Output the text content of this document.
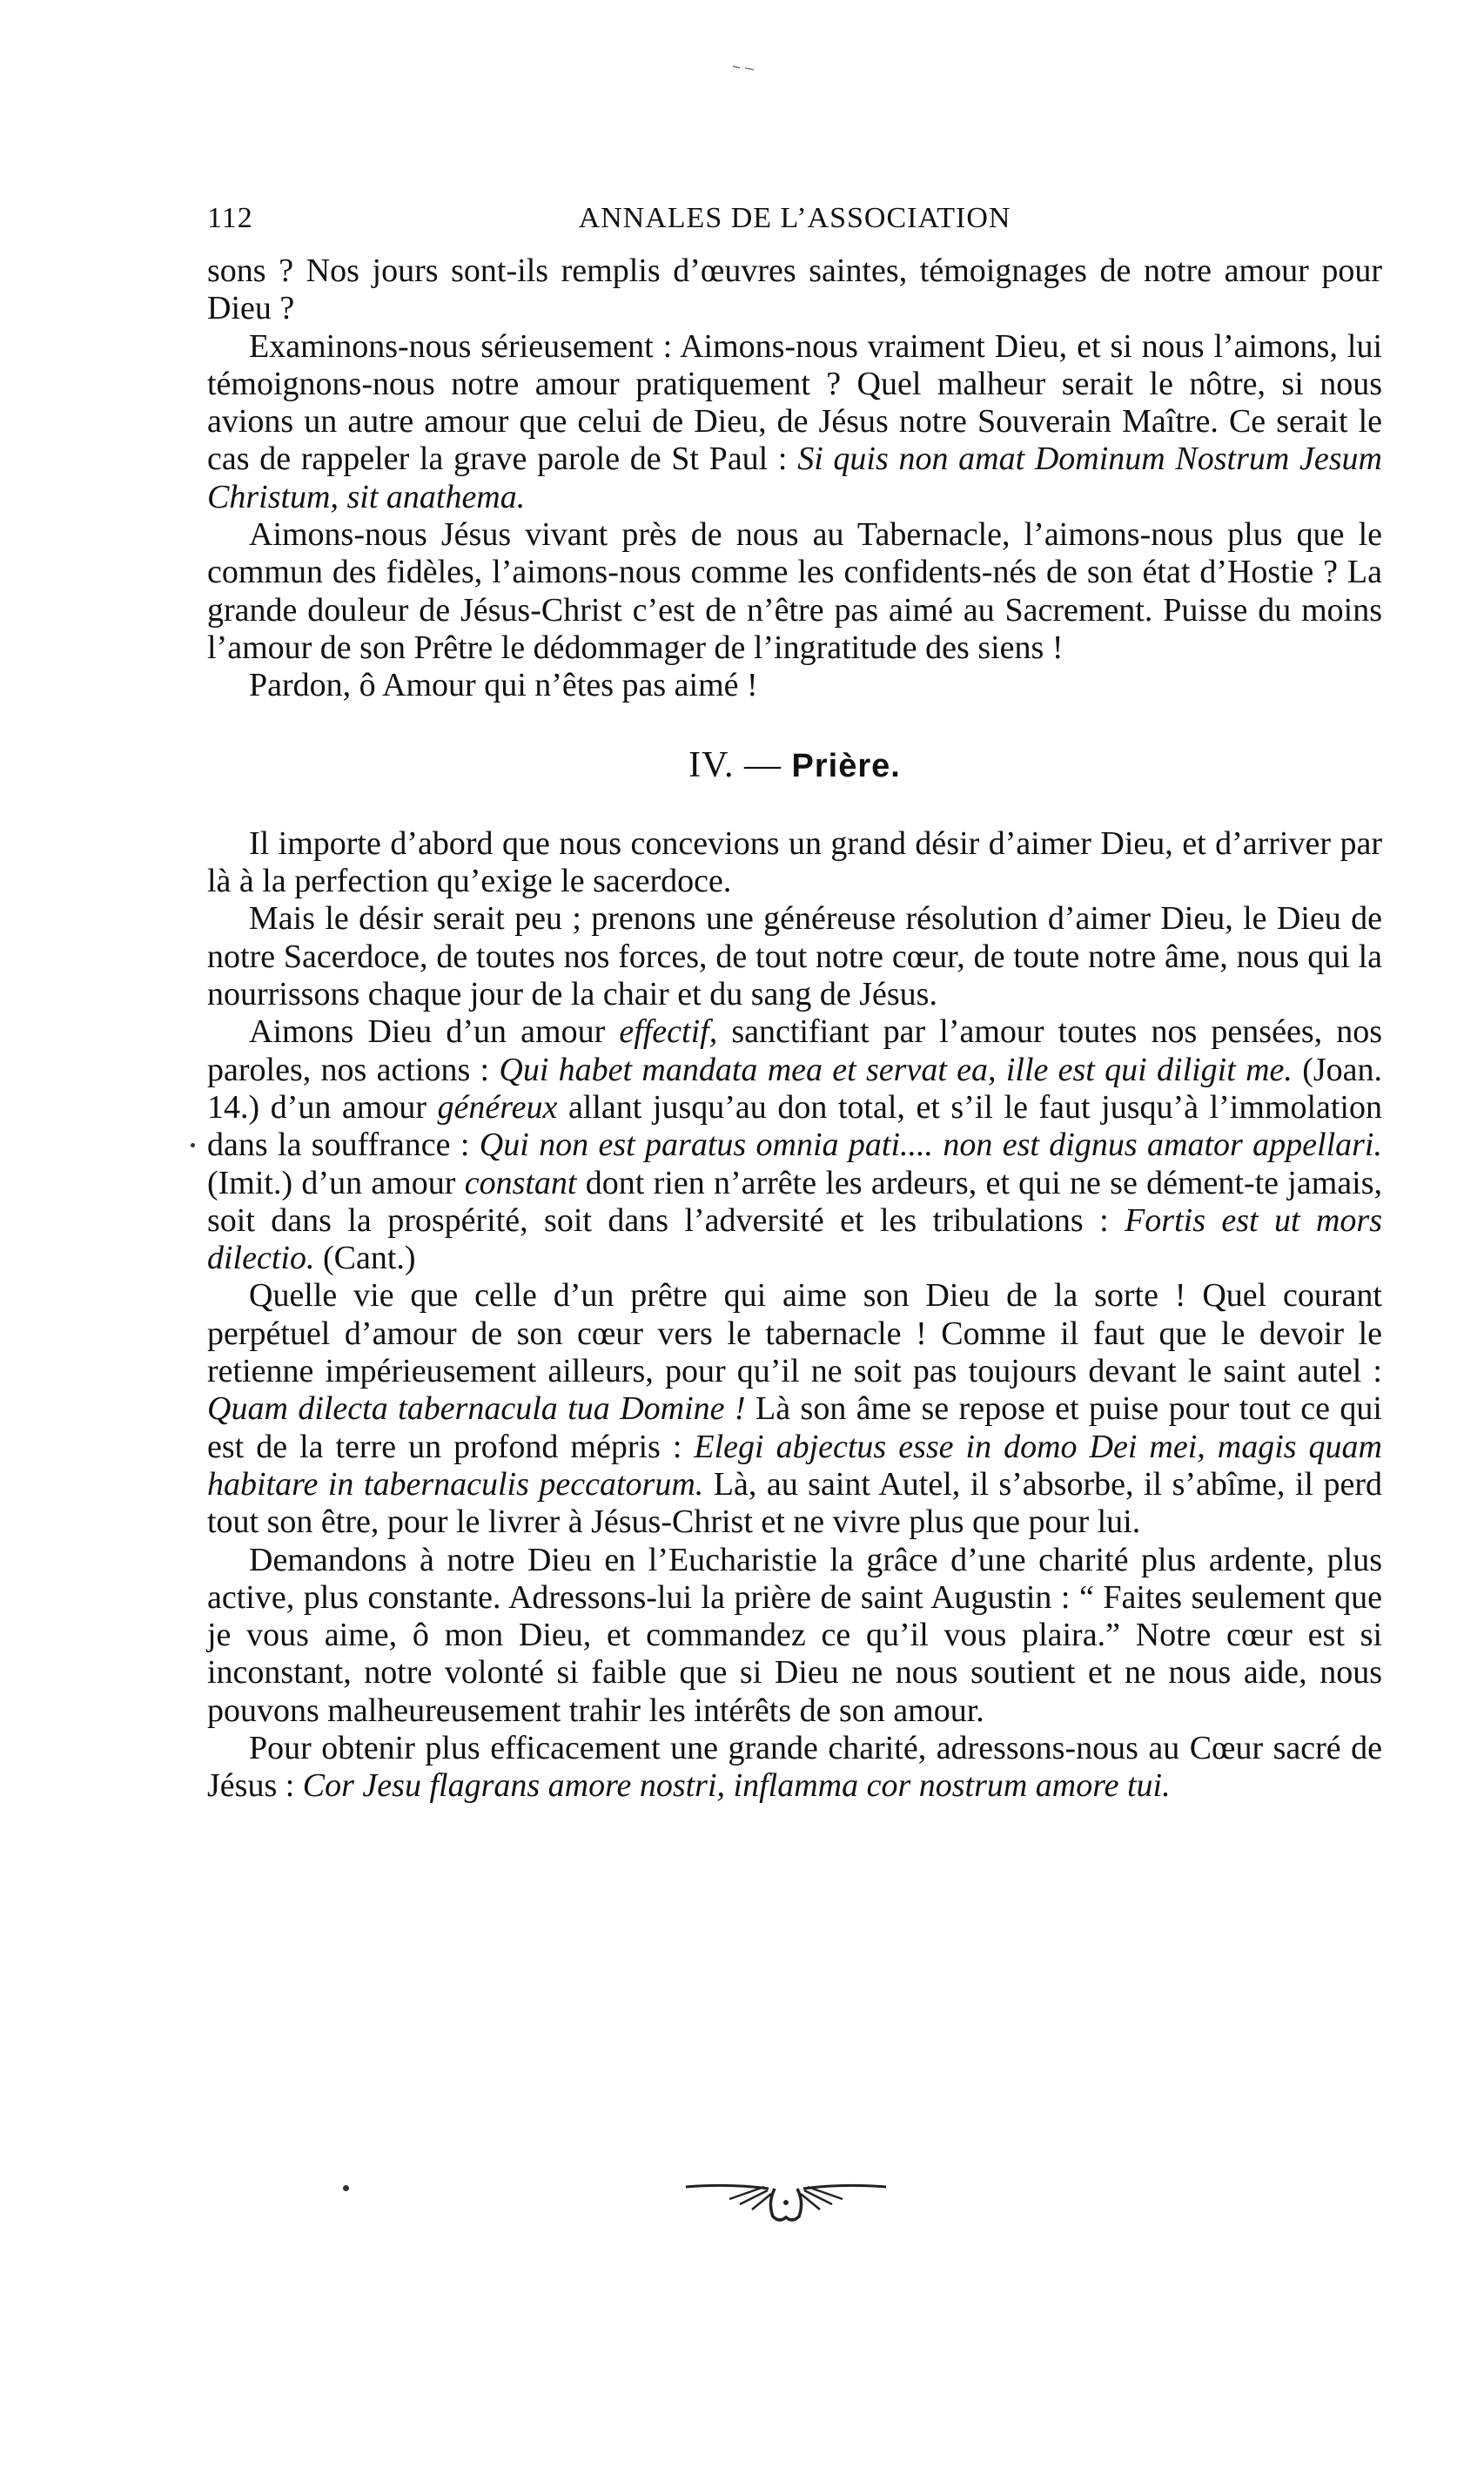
112	ANNALES DE L’ASSOCIATION

sons ? Nos jours sont-ils remplis d’œuvres saintes, témoignages de notre amour pour Dieu ?

Examinons-nous sérieusement : Aimons-nous vraiment Dieu, et si nous l’aimons, lui témoignons-nous notre amour pratiquement ? Quel malheur serait le nôtre, si nous avions un autre amour que celui de Dieu, de Jésus notre Souverain Maître. Ce serait le cas de rappeler la grave parole de St Paul : Si quis non amat Dominum Nostrum Jesum Christum, sit anathema.

Aimons-nous Jésus vivant près de nous au Tabernacle, l’aimons-nous plus que le commun des fidèles, l’aimons-nous comme les confidents-nés de son état d’Hostie ? La grande douleur de Jésus-Christ c’est de n’être pas aimé au Sacrement. Puisse du moins l’amour de son Prêtre le dédommager de l’ingratitude des siens !

Pardon, ô Amour qui n’êtes pas aimé !

IV. — Prière.

Il importe d’abord que nous concevions un grand désir d’aimer Dieu, et d’arriver par là à la perfection qu’exige le sacerdoce.

Mais le désir serait peu ; prenons une généreuse résolution d’aimer Dieu, le Dieu de notre Sacerdoce, de toutes nos forces, de tout notre cœur, de toute notre âme, nous qui la nourrissons chaque jour de la chair et du sang de Jésus.

Aimons Dieu d’un amour effectif, sanctifiant par l’amour toutes nos pensées, nos paroles, nos actions : Qui habet mandata mea et servat ea, ille est qui diligit me. (Joan. 14.) d’un amour généreux allant jusqu’au don total, et s’il le faut jusqu’à l’immolation dans la souffrance : Qui non est paratus omnia pati.... non est dignus amator appellari. (Imit.) d’un amour constant dont rien n’arrête les ardeurs, et qui ne se dément-te jamais, soit dans la prospérité, soit dans l’adversité et les tribulations : Fortis est ut mors dilectio. (Cant.)

Quelle vie que celle d’un prêtre qui aime son Dieu de la sorte ! Quel courant perpétuel d’amour de son cœur vers le tabernacle ! Comme il faut que le devoir le retienne impérieusement ailleurs, pour qu’il ne soit pas toujours devant le saint autel : Quam dilecta tabernacula tua Domine ! Là son âme se repose et puise pour tout ce qui est de la terre un profond mépris : Elegi abjectus esse in domo Dei mei, magis quam habitare in tabernaculis peccatorum. Là, au saint Autel, il s’absorbe, il s’abîme, il perd tout son être, pour le livrer à Jésus-Christ et ne vivre plus que pour lui.

Demandons à notre Dieu en l’Eucharistie la grâce d’une charité plus ardente, plus active, plus constante. Adressons-lui la prière de saint Augustin : “ Faites seulement que je vous aime, ô mon Dieu, et commandez ce qu’il vous plaira.” Notre cœur est si inconstant, notre volonté si faible que si Dieu ne nous soutient et ne nous aide, nous pouvons malheureusement trahir les intérêts de son amour.

Pour obtenir plus efficacement une grande charité, adressons-nous au Cœur sacré de Jésus : Cor Jesu flagrans amore nostri, inflamma cor nostrum amore tui.
